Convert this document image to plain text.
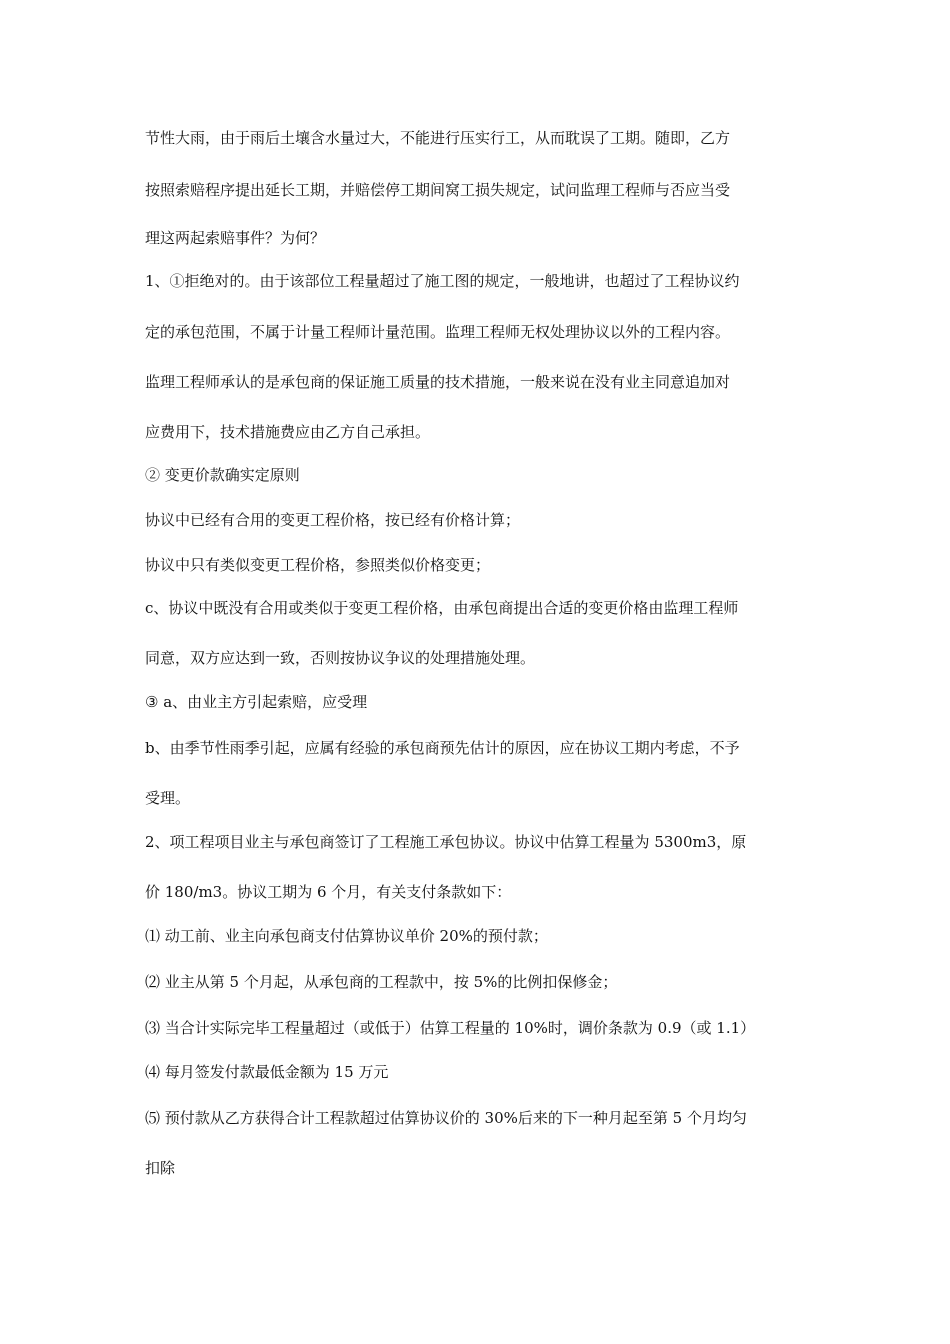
节性大雨，由于雨后土壤含水量过大，不能进行压实行工，从而耽误了工期。随即，乙方
按照索赔程序提出延长工期，并赔偿停工期间窝工损失规定，试问监理工程师与否应当受
理这两起索赔事件？为何？
1、①拒绝对的。由于该部位工程量超过了施工图的规定，一般地讲，也超过了工程协议约
定的承包范围，不属于计量工程师计量范围。监理工程师无权处理协议以外的工程内容。
监理工程师承认的是承包商的保证施工质量的技术措施，一般来说在没有业主同意追加对
应费用下，技术措施费应由乙方自己承担。
② 变更价款确实定原则
协议中已经有合用的变更工程价格，按已经有价格计算；
协议中只有类似变更工程价格，参照类似价格变更；
c、协议中既没有合用或类似于变更工程价格，由承包商提出合适的变更价格由监理工程师
同意，双方应达到一致，否则按协议争议的处理措施处理。
③ a、由业主方引起索赔，应受理
b、由季节性雨季引起，应属有经验的承包商预先估计的原因，应在协议工期内考虑，不予
受理。
2、项工程项目业主与承包商签订了工程施工承包协议。协议中估算工程量为 5300m3，原
价 180/m3。协议工期为 6 个月，有关支付条款如下：
⑴ 动工前、业主向承包商支付估算协议单价 20%的预付款；
⑵ 业主从第 5 个月起，从承包商的工程款中，按 5%的比例扣保修金；
⑶ 当合计实际完毕工程量超过（或低于）估算工程量的 10%时，调价条款为 0.9（或 1.1）
⑷ 每月签发付款最低金额为 15 万元
⑸ 预付款从乙方获得合计工程款超过估算协议价的 30%后来的下一种月起至第 5 个月均匀
扣除
